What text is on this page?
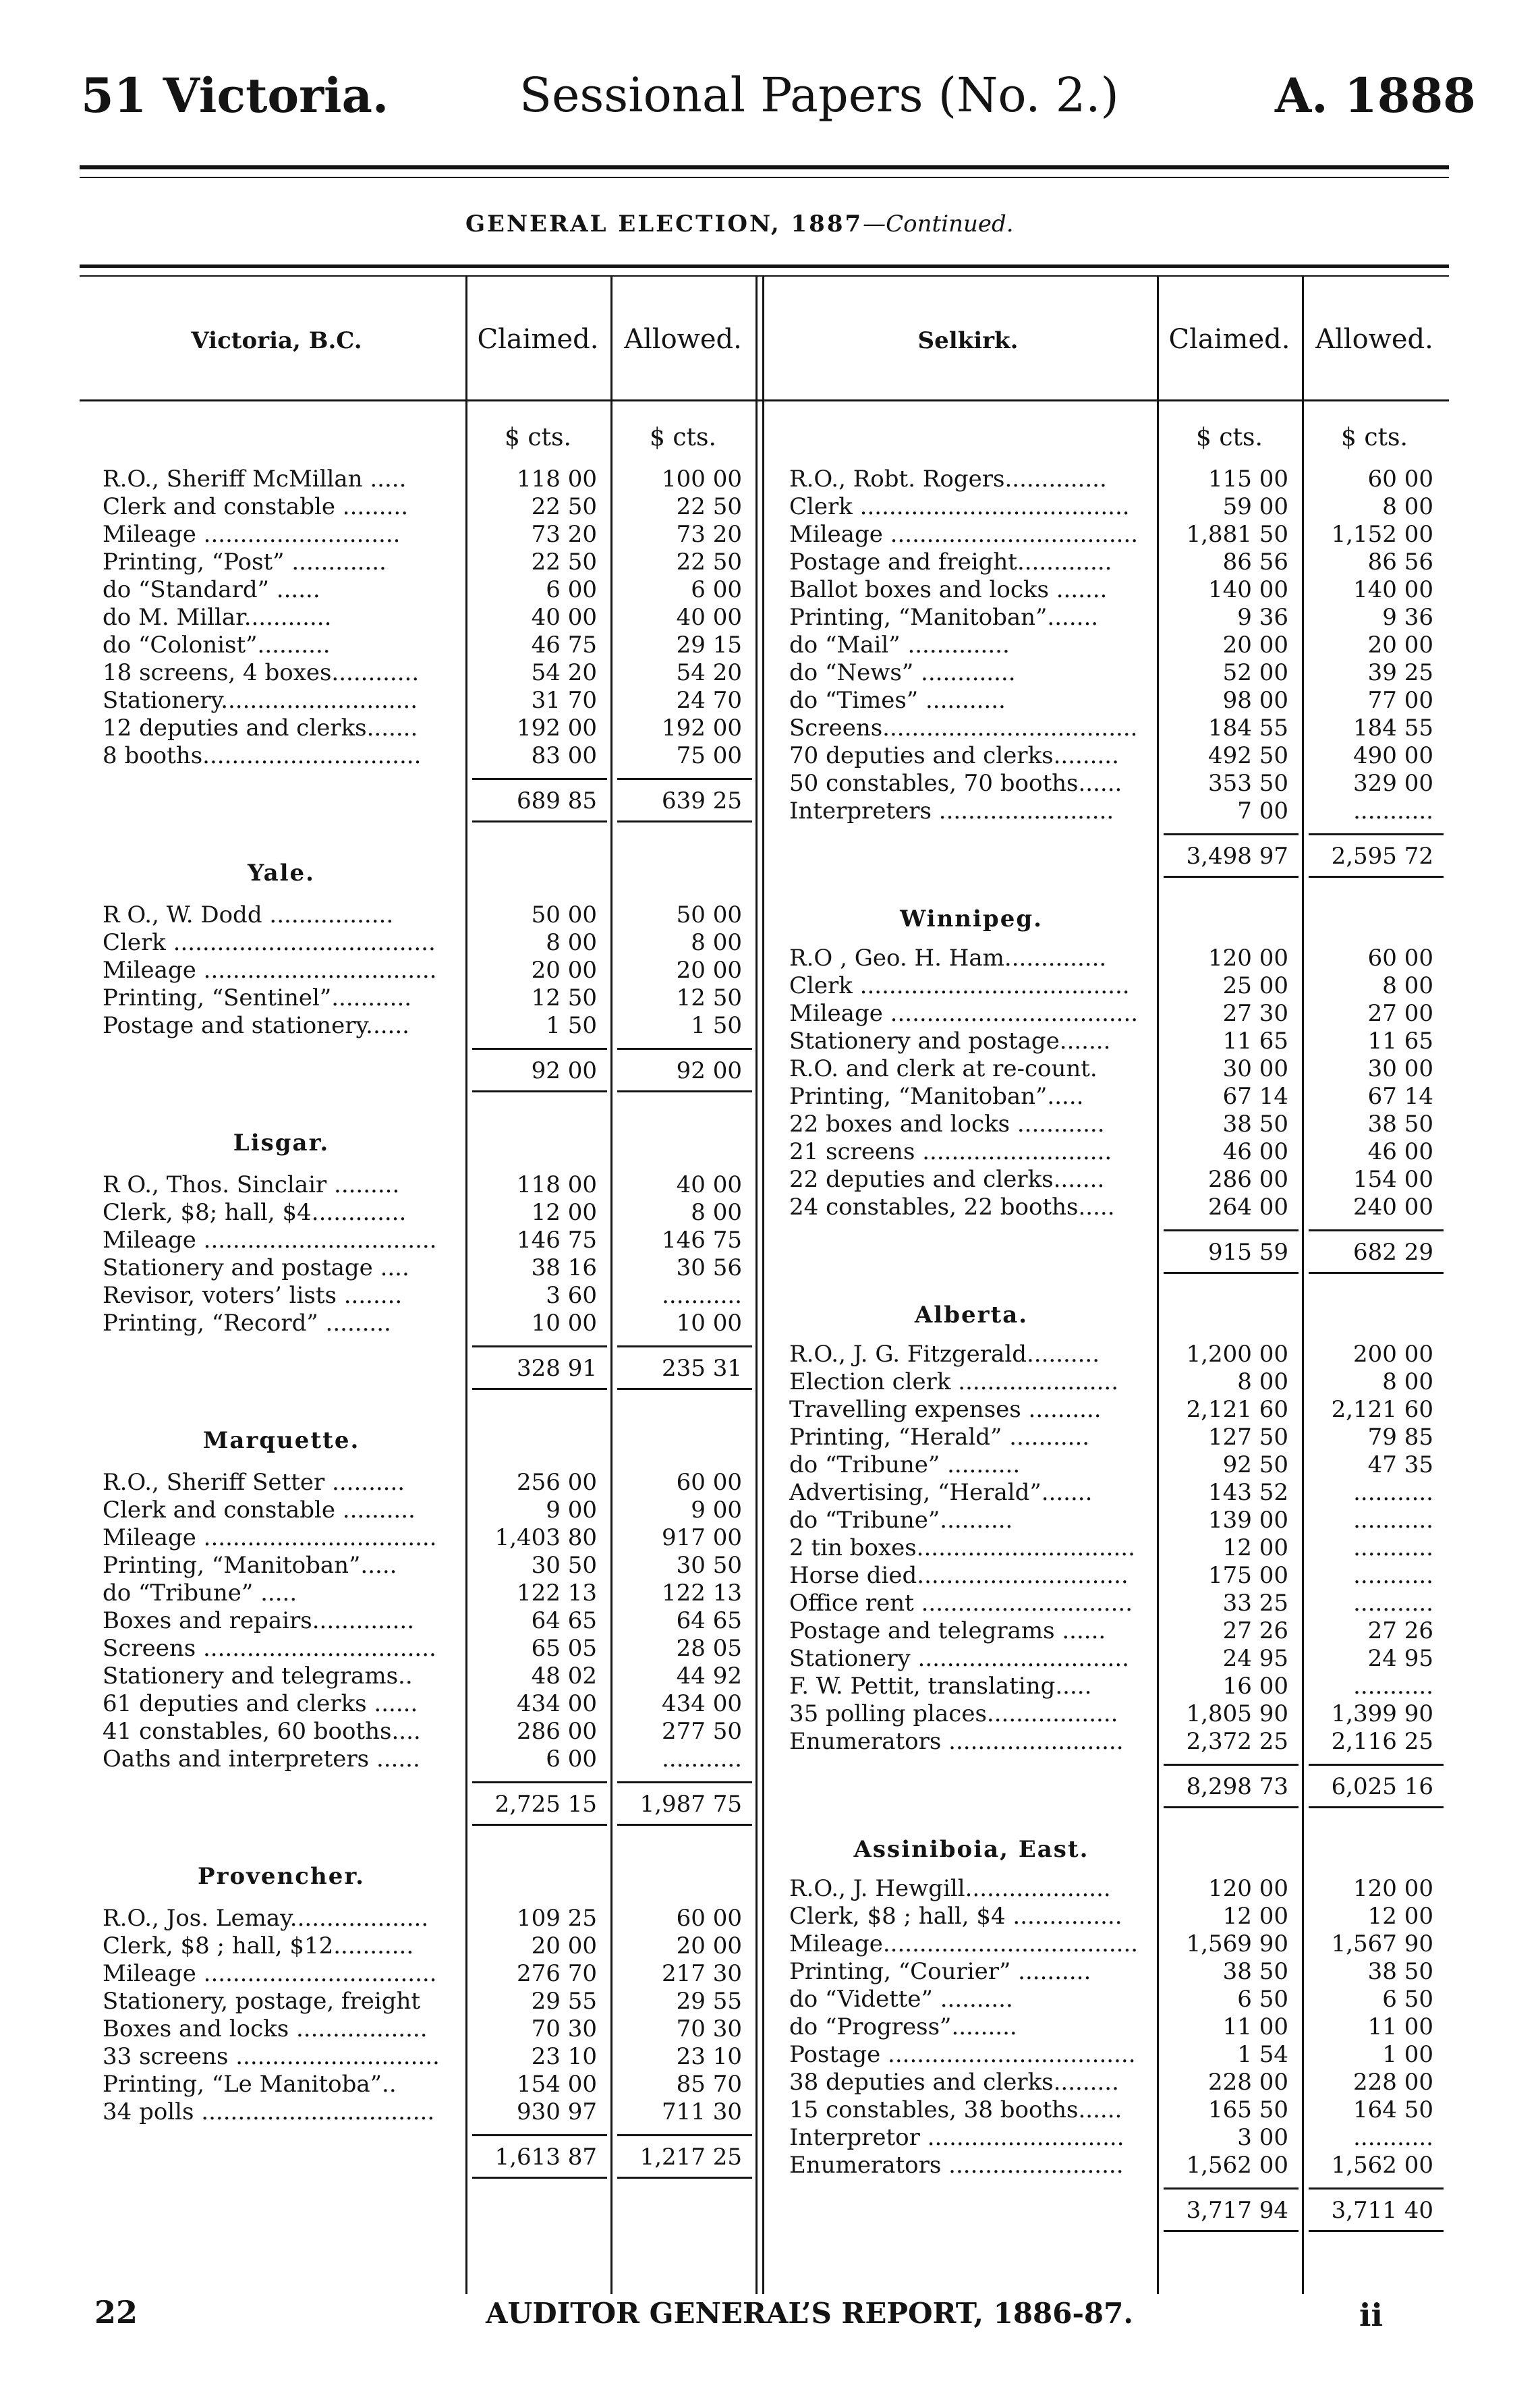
51 Victoria.	Sessional Papers (No. 2.)	A. 1888
GENERAL ELECTION, 1887—Continued.
Victoria, B.C.	Claimed. Allowed.	Selkirk.	Claimed. Allowed.
$ cts.	$ cts.	$ cts.	$ cts.
R.O., Sheriff McMillan .....	118 00	100 00
Clerk and constable .........	22 50	22 50
Mileage ...........................	73 20	73 20
Printing, “Post” .............	22 50	22 50
do “Standard” ......	6 00	6 00
do M. Millar............	40 00	40 00
do “Colonist”..........	46 75	29 15
18 screens, 4 boxes............	54 20	54 20
Stationery...........................	31 70	24 70
12 deputies and clerks.......	192 00	192 00
8 booths..............................	83 00	75 00
689 85	639 25
Yale.
R O., W. Dodd .................	50 00	50 00
Clerk ....................................	8 00	8 00
Mileage ................................	20 00	20 00
Printing, “Sentinel”...........	12 50	12 50
Postage and stationery......	1 50	1 50
92 00	92 00
Lisgar.
R O., Thos. Sinclair .........	118 00	40 00
Clerk, $8; hall, $4.............	12 00	8 00
Mileage ................................	146 75	146 75
Stationery and postage ....	38 16	30 56
Revisor, voters’ lists ........	3 60	...........
Printing, “Record” .........	10 00	10 00
328 91	235 31
Marquette.
R.O., Sheriff Setter ..........	256 00	60 00
Clerk and constable ..........	9 00	9 00
Mileage ................................	1,403 80	917 00
Printing, “Manitoban”.....	30 50	30 50
do “Tribune” .....	122 13	122 13
Boxes and repairs..............	64 65	64 65
Screens ................................	65 05	28 05
Stationery and telegrams..	48 02	44 92
61 deputies and clerks ......	434 00	434 00
41 constables, 60 booths....	286 00	277 50
Oaths and interpreters ......	6 00	...........
2,725 15	1,987 75
Provencher.
R.O., Jos. Lemay...................	109 25	60 00
Clerk, $8 ; hall, $12...........	20 00	20 00
Mileage ................................	276 70	217 30
Stationery, postage, freight	29 55	29 55
Boxes and locks ..................	70 30	70 30
33 screens ............................	23 10	23 10
Printing, “Le Manitoba”..	154 00	85 70
34 polls ................................	930 97	711 30
1,613 87	1,217 25
R.O., Robt. Rogers..............	115 00	60 00
Clerk .....................................	59 00	8 00
Mileage ..................................	1,881 50	1,152 00
Postage and freight.............	86 56	86 56
Ballot boxes and locks .......	140 00	140 00
Printing, “Manitoban”.......	9 36	9 36
do “Mail” ..............	20 00	20 00
do “News” .............	52 00	39 25
do “Times” ...........	98 00	77 00
Screens...................................	184 55	184 55
70 deputies and clerks.........	492 50	490 00
50 constables, 70 booths......	353 50	329 00
Interpreters ........................	7 00	...........
3,498 97	2,595 72
Winnipeg.
R.O , Geo. H. Ham..............	120 00	60 00
Clerk .....................................	25 00	8 00
Mileage ..................................	27 30	27 00
Stationery and postage.......	11 65	11 65
R.O. and clerk at re-count.	30 00	30 00
Printing, “Manitoban”.....	67 14	67 14
22 boxes and locks ............	38 50	38 50
21 screens ..........................	46 00	46 00
22 deputies and clerks.......	286 00	154 00
24 constables, 22 booths.....	264 00	240 00
915 59	682 29
Alberta.
R.O., J. G. Fitzgerald..........	1,200 00	200 00
Election clerk ......................	8 00	8 00
Travelling expenses ..........	2,121 60	2,121 60
Printing, “Herald” ...........	127 50	79 85
do “Tribune” ..........	92 50	47 35
Advertising, “Herald”.......	143 52	...........
do “Tribune”..........	139 00	...........
2 tin boxes..............................	12 00	...........
Horse died.............................	175 00	...........
Office rent .............................	33 25	...........
Postage and telegrams ......	27 26	27 26
Stationery .............................	24 95	24 95
F. W. Pettit, translating.....	16 00	...........
35 polling places..................	1,805 90	1,399 90
Enumerators ........................	2,372 25	2,116 25
8,298 73	6,025 16
Assiniboia, East.
R.O., J. Hewgill....................	120 00	120 00
Clerk, $8 ; hall, $4 ...............	12 00	12 00
Mileage...................................	1,569 90	1,567 90
Printing, “Courier” ..........	38 50	38 50
do “Vidette” ..........	6 50	6 50
do “Progress”.........	11 00	11 00
Postage ..................................	1 54	1 00
38 deputies and clerks.........	228 00	228 00
15 constables, 38 booths......	165 50	164 50
Interpretor ...........................	3 00	...........
Enumerators ........................	1,562 00	1,562 00
3,717 94	3,711 40
22	AUDITOR GENERAL’S REPORT, 1886-87.	ii
